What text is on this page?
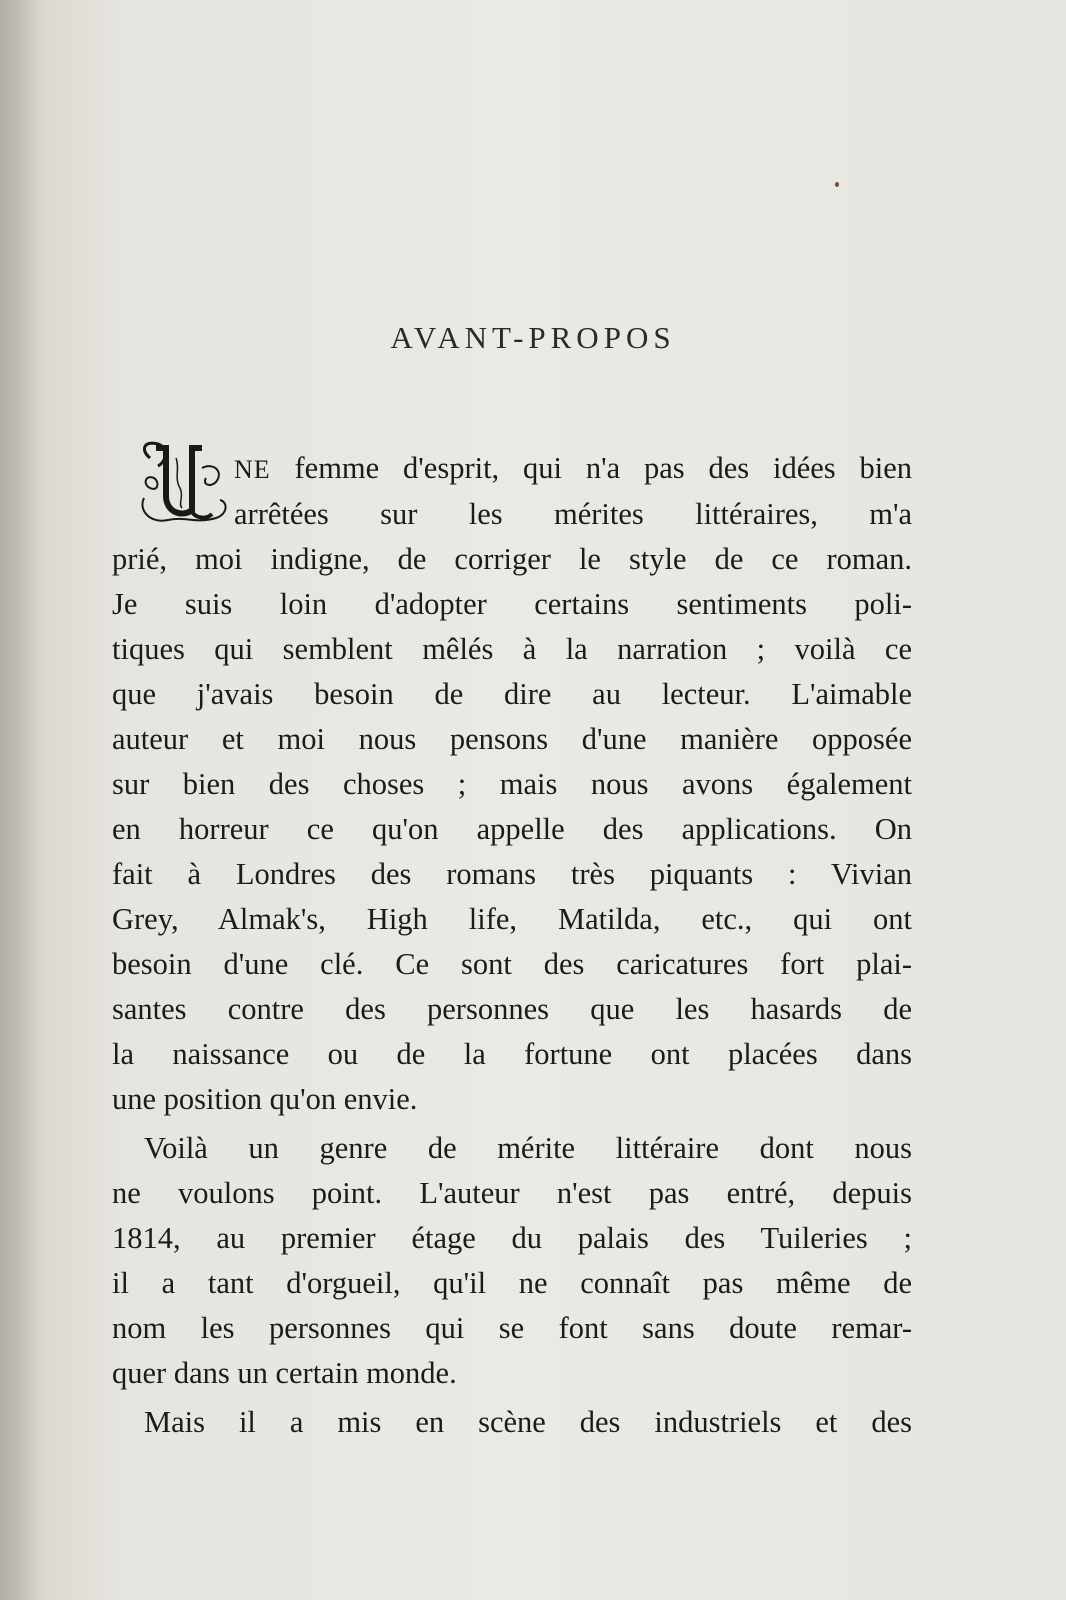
AVANT-PROPOS
NE femme d'esprit, qui n'a pas des idées bien
arrêtées sur les mérites littéraires, m'a
prié, moi indigne, de corriger le style de ce roman.
Je suis loin d'adopter certains sentiments poli-
tiques qui semblent mêlés à la narration ; voilà ce
que j'avais besoin de dire au lecteur. L'aimable
auteur et moi nous pensons d'une manière opposée
sur bien des choses ; mais nous avons également
en horreur ce qu'on appelle des applications. On
fait à Londres des romans très piquants : Vivian
Grey, Almak's, High life, Matilda, etc., qui ont
besoin d'une clé. Ce sont des caricatures fort plai-
santes contre des personnes que les hasards de
la naissance ou de la fortune ont placées dans
une position qu'on envie.
Voilà un genre de mérite littéraire dont nous
ne voulons point. L'auteur n'est pas entré, depuis
1814, au premier étage du palais des Tuileries ;
il a tant d'orgueil, qu'il ne connaît pas même de
nom les personnes qui se font sans doute remar-
quer dans un certain monde.
Mais il a mis en scène des industriels et des
